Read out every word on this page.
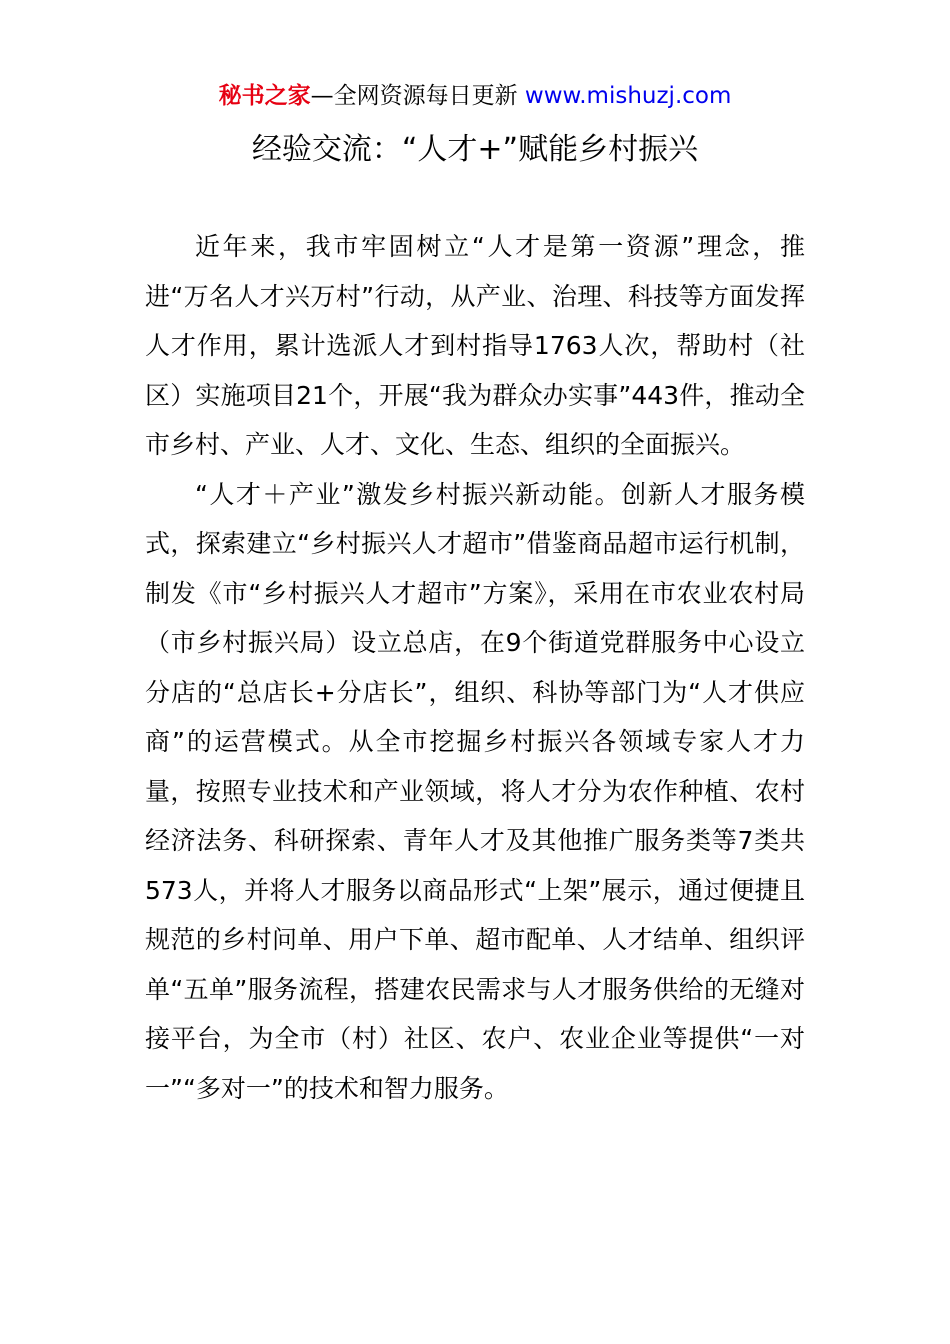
秘书之家—全网资源每日更新 www.mishuzj.com
经验交流：“人才+”赋能乡村振兴

近年来，我市牢固树立“人才是第一资源”理念，推进“万名人才兴万村”行动，从产业、治理、科技等方面发挥人才作用，累计选派人才到村指导1763人次，帮助村（社区）实施项目21个，开展“我为群众办实事”443件，推动全市乡村、产业、人才、文化、生态、组织的全面振兴。

“人才＋产业”激发乡村振兴新动能。创新人才服务模式，探索建立“乡村振兴人才超市”借鉴商品超市运行机制，制发《市“乡村振兴人才超市”方案》，采用在市农业农村局（市乡村振兴局）设立总店，在9个街道党群服务中心设立分店的“总店长+分店长”，组织、科协等部门为“人才供应商”的运营模式。从全市挖掘乡村振兴各领域专家人才力量，按照专业技术和产业领域，将人才分为农作种植、农村经济法务、科研探索、青年人才及其他推广服务类等7类共573人，并将人才服务以商品形式“上架”展示，通过便捷且规范的乡村问单、用户下单、超市配单、人才结单、组织评单“五单”服务流程，搭建农民需求与人才服务供给的无缝对接平台，为全市（村）社区、农户、农业企业等提供“一对一”“多对一”的技术和智力服务。
